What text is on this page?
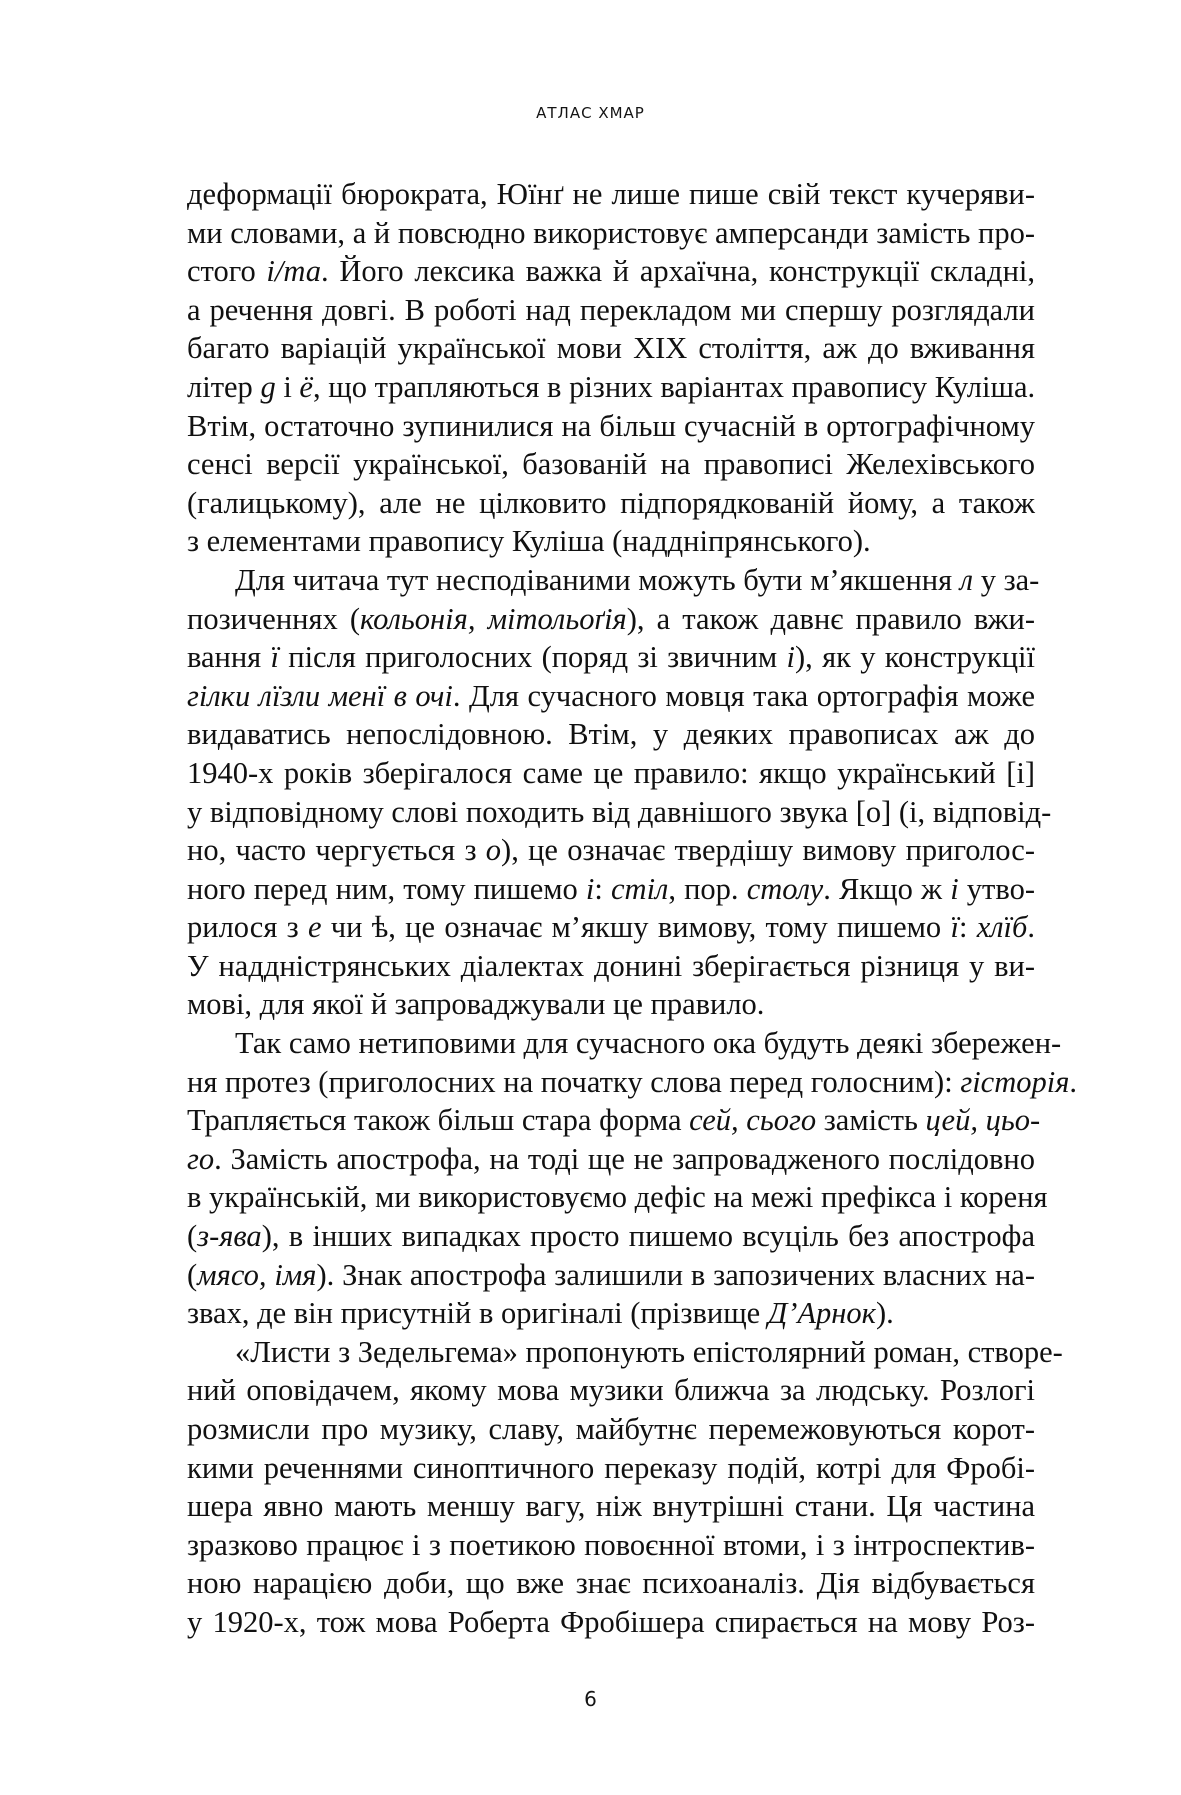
АТЛАС ХМАР
деформації бюрократа, Юїнґ не лише пише свій текст кучеряви-
ми словами, а й повсюдно використовує амперсанди замість про-
стого і/та. Його лексика важка й архаїчна, конструкції складні,
а речення довгі. В роботі над перекладом ми спершу розглядали
багато варіацій української мови XIX століття, аж до вживання
літер g і ё, що трапляються в різних варіантах правопису Куліша.
Втім, остаточно зупинилися на більш сучасній в ортографічному
сенсі версії української, базованій на правописі Желехівського
(галицькому), але не цілковито підпорядкованій йому, а також
з елементами правопису Куліша (наддніпрянського).
Для читача тут несподіваними можуть бути м’якшення л у за-
позиченнях (кольонія, мітольоґія), а також давнє правило вжи-
вання ї після приголосних (поряд зі звичним і), як у конструкції
гілки лїзли менї в очі. Для сучасного мовця така ортографія може
видаватись непослідовною. Втім, у деяких правописах аж до
1940-х років зберігалося саме це правило: якщо український [і]
у відповідному слові походить від давнішого звука [о] (і, відповід-
но, часто чергується з о), це означає твердішу вимову приголос-
ного перед ним, тому пишемо і: стіл, пор. столу. Якщо ж і утво-
рилося з е чи ѣ, це означає м’якшу вимову, тому пишемо ї: хлїб.
У наддністрянських діалектах донині зберігається різниця у ви-
мові, для якої й запроваджували це правило.
Так само нетиповими для сучасного ока будуть деякі збережен-
ня протез (приголосних на початку слова перед голосним): гісторія.
Трапляється також більш стара форма сей, сього замість цей, цьо-
го. Замість апострофа, на тоді ще не запровадженого послідовно
в українській, ми використовуємо дефіс на межі префікса і кореня
(з-ява), в інших випадках просто пишемо всуціль без апострофа
(мясо, імя). Знак апострофа залишили в запозичених власних на-
звах, де він присутній в оригіналі (прізвище Д’Арнок).
«Листи з Зедельгема» пропонують епістолярний роман, створе-
ний оповідачем, якому мова музики ближча за людську. Розлогі
розмисли про музику, славу, майбутнє перемежовуються корот-
кими реченнями синоптичного переказу подій, котрі для Фробі-
шера явно мають меншу вагу, ніж внутрішні стани. Ця частина
зразково працює і з поетикою повоєнної втоми, і з інтроспектив-
ною нарацією доби, що вже знає психоаналіз. Дія відбувається
у 1920-х, тож мова Роберта Фробішера спирається на мову Роз-
6
